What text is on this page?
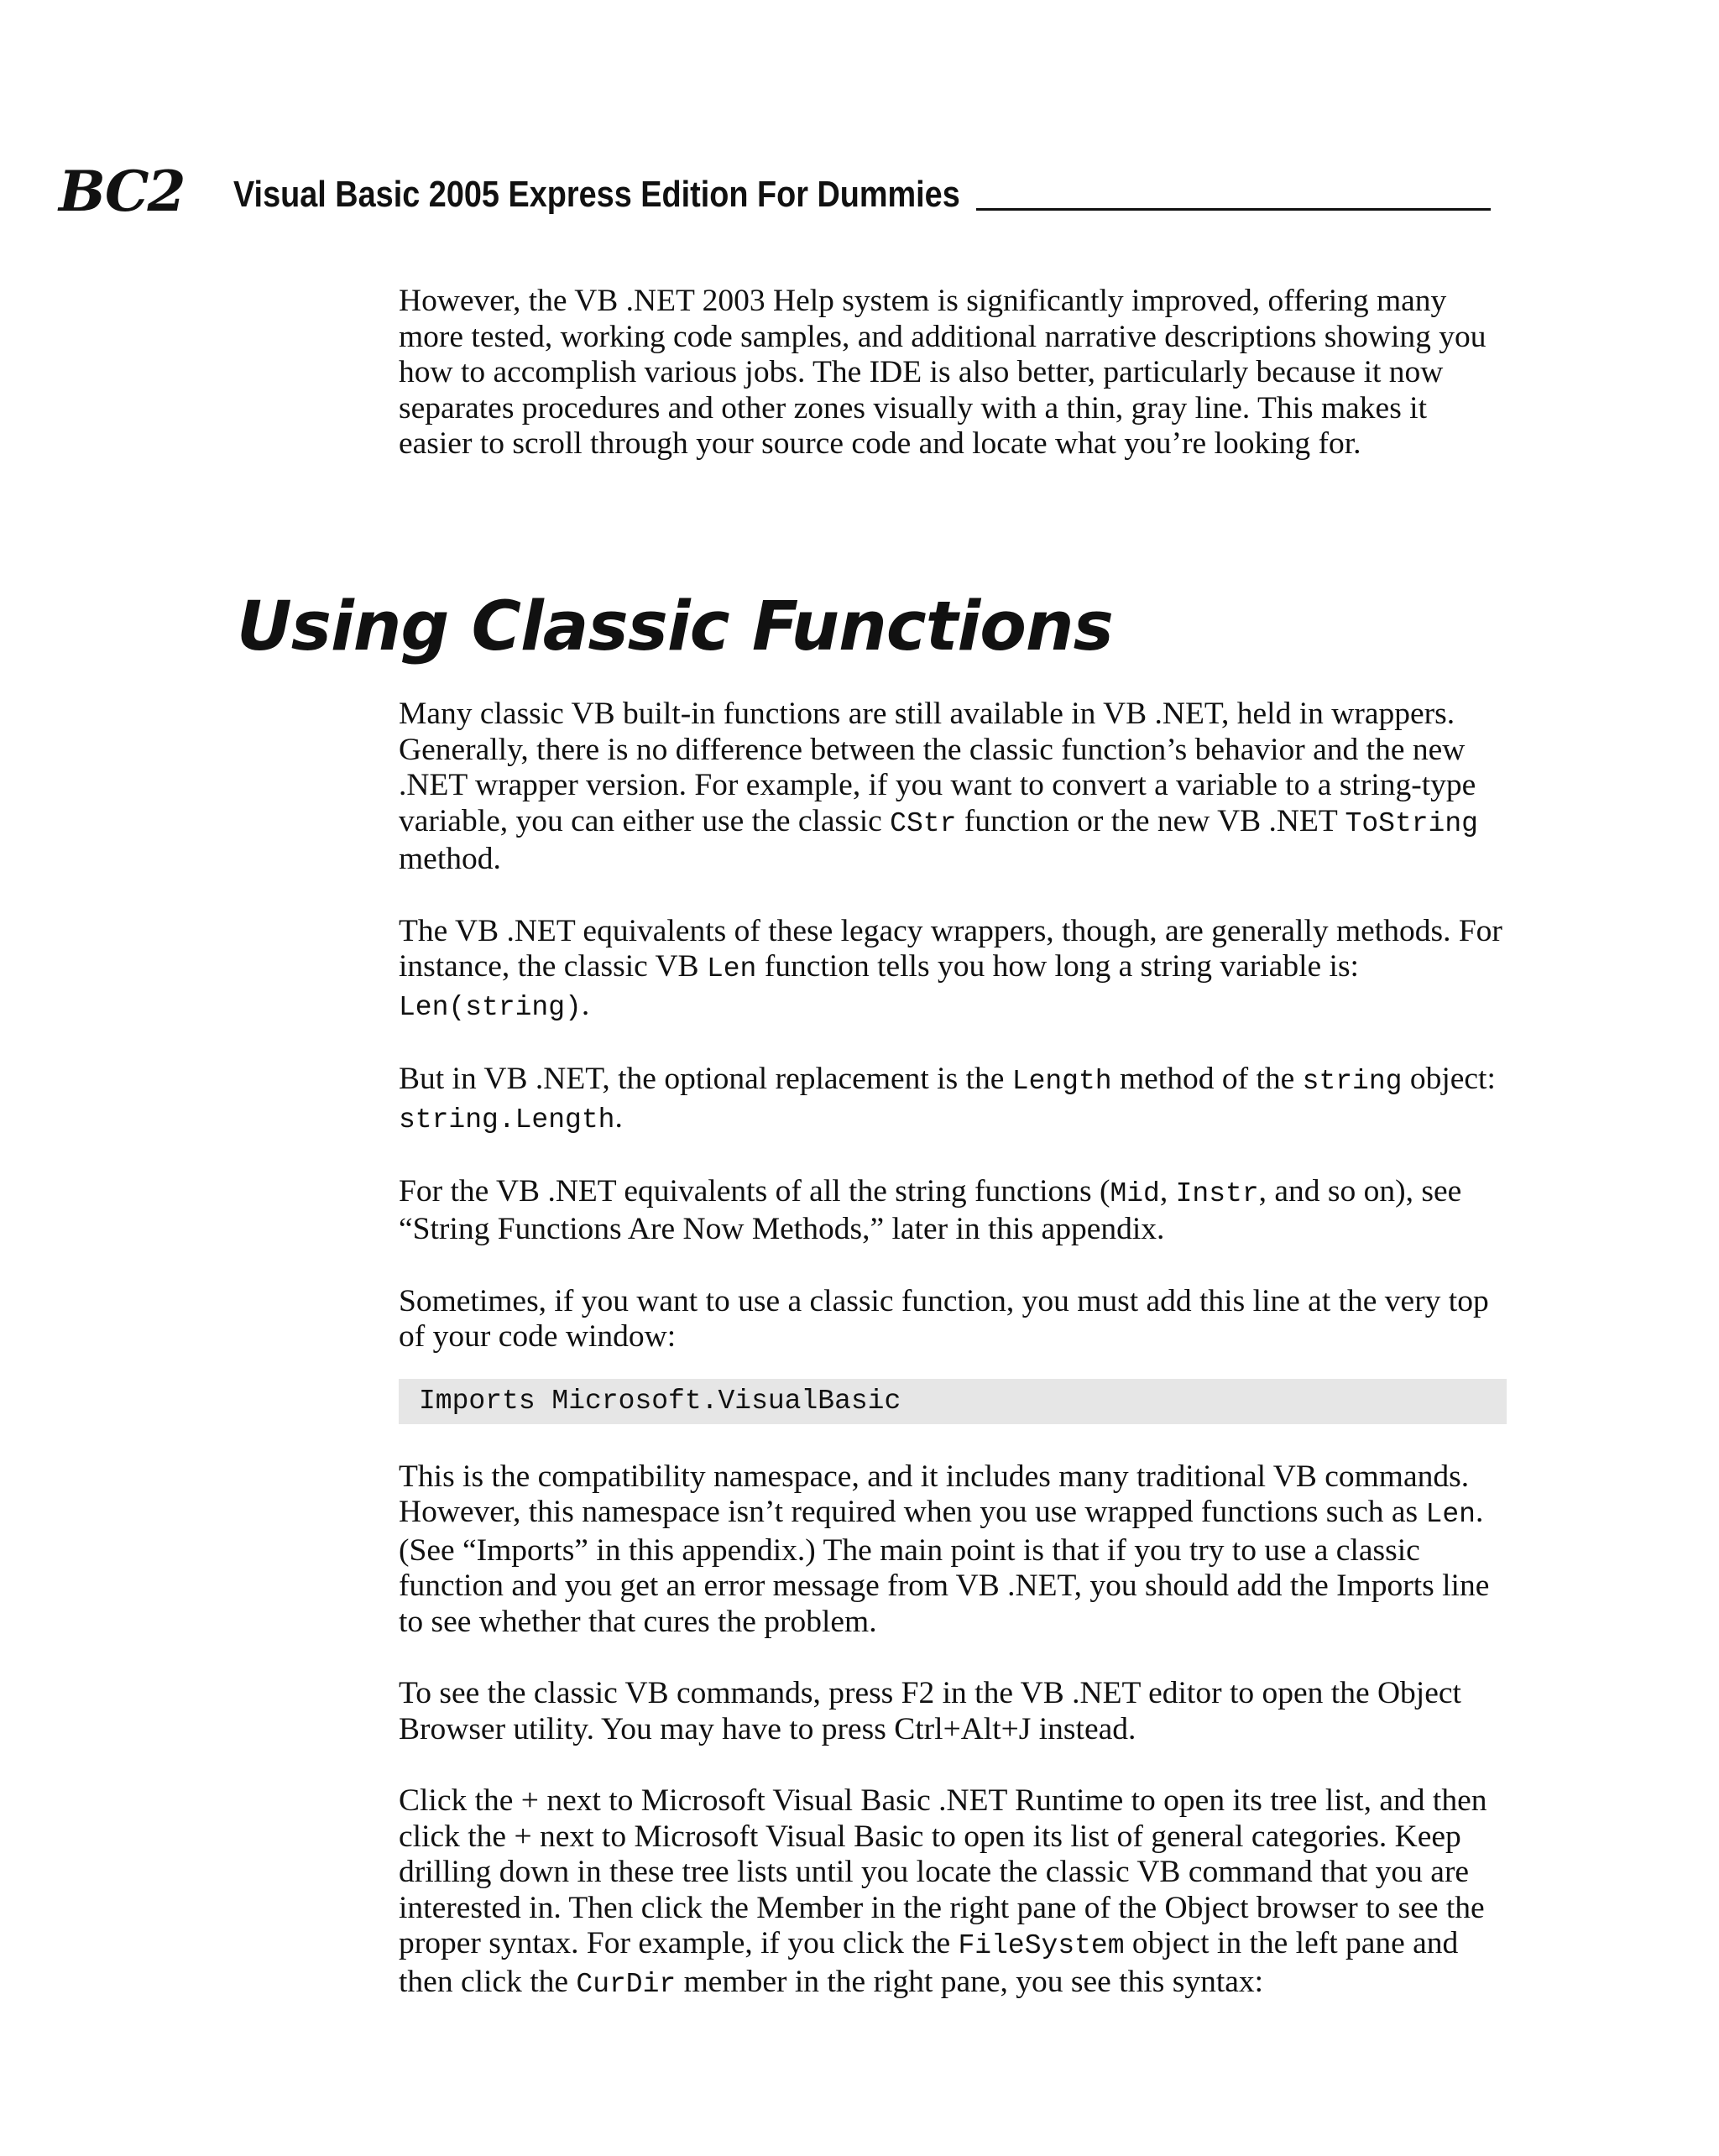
BC2 Visual Basic 2005 Express Edition For Dummies

However, the VB .NET 2003 Help system is significantly improved, offering many more tested, working code samples, and additional narrative descriptions showing you how to accomplish various jobs. The IDE is also better, particularly because it now separates procedures and other zones visually with a thin, gray line. This makes it easier to scroll through your source code and locate what you’re looking for.

Using Classic Functions

Many classic VB built-in functions are still available in VB .NET, held in wrappers. Generally, there is no difference between the classic function’s behavior and the new .NET wrapper version. For example, if you want to convert a variable to a string-type variable, you can either use the classic CStr function or the new VB .NET ToString method.

The VB .NET equivalents of these legacy wrappers, though, are generally methods. For instance, the classic VB Len function tells you how long a string variable is: Len(string).

But in VB .NET, the optional replacement is the Length method of the string object: string.Length.

For the VB .NET equivalents of all the string functions (Mid, Instr, and so on), see “String Functions Are Now Methods,” later in this appendix.

Sometimes, if you want to use a classic function, you must add this line at the very top of your code window:

Imports Microsoft.VisualBasic

This is the compatibility namespace, and it includes many traditional VB commands. However, this namespace isn’t required when you use wrapped functions such as Len. (See “Imports” in this appendix.) The main point is that if you try to use a classic function and you get an error message from VB .NET, you should add the Imports line to see whether that cures the problem.

To see the classic VB commands, press F2 in the VB .NET editor to open the Object Browser utility. You may have to press Ctrl+Alt+J instead.

Click the + next to Microsoft Visual Basic .NET Runtime to open its tree list, and then click the + next to Microsoft Visual Basic to open its list of general categories. Keep drilling down in these tree lists until you locate the classic VB command that you are interested in. Then click the Member in the right pane of the Object browser to see the proper syntax. For example, if you click the FileSystem object in the left pane and then click the CurDir member in the right pane, you see this syntax:
